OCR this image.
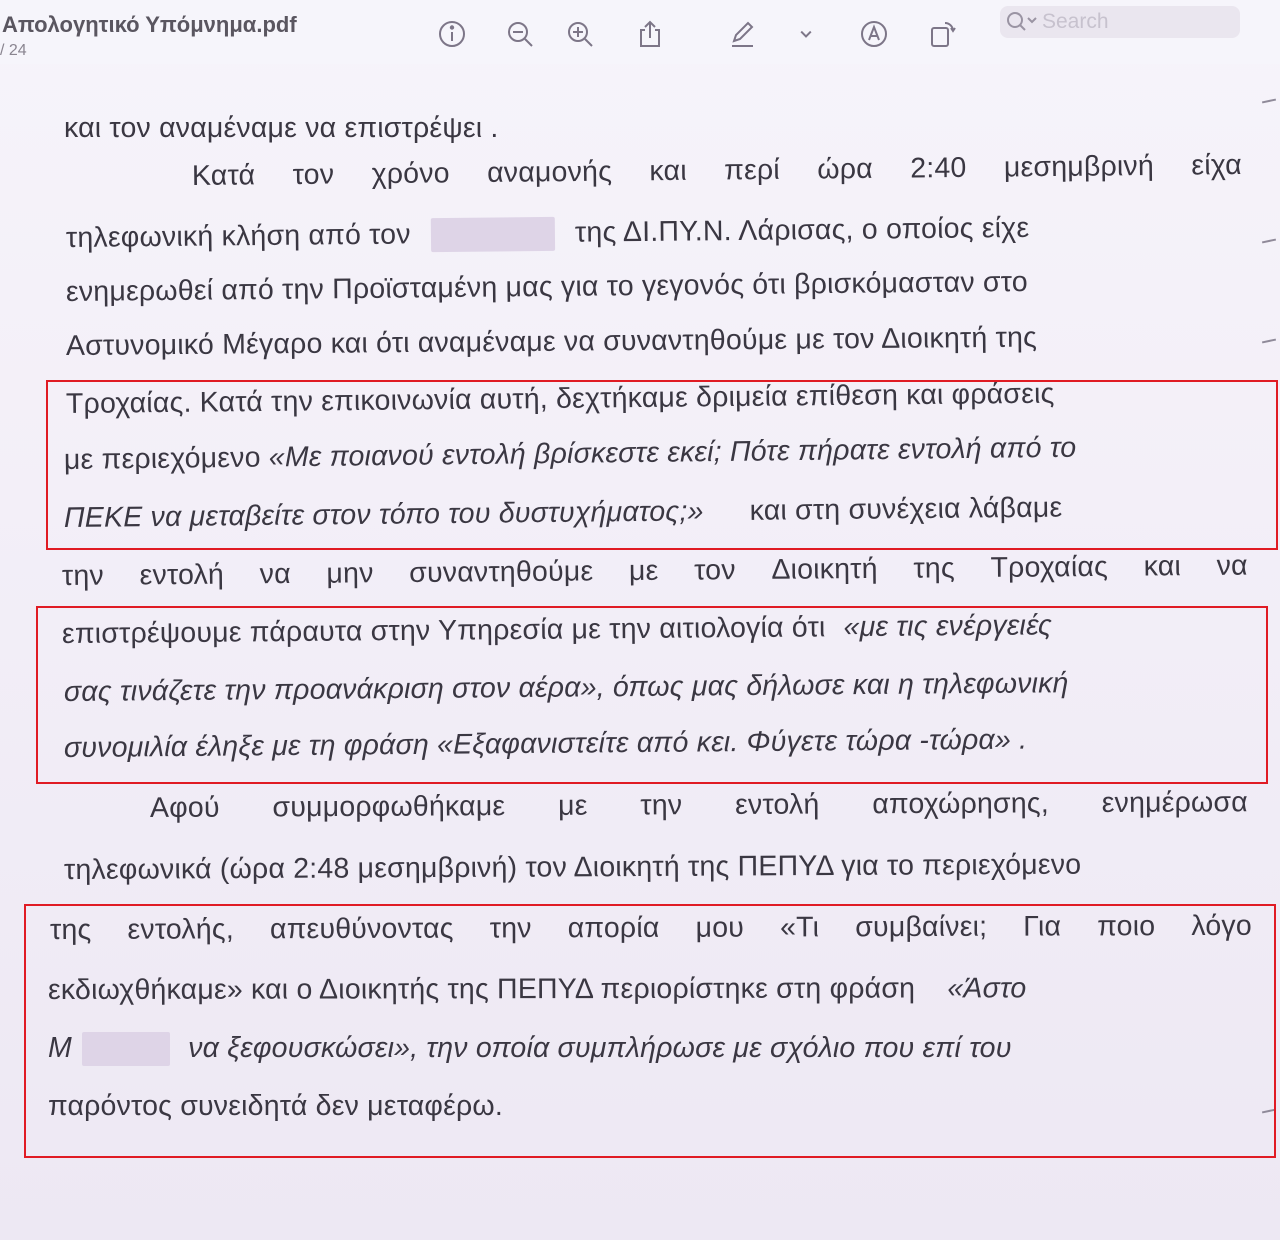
Απολογητικό Υπόμνημα.pdf
/ 24
Search
και τον αναμέναμε να επιστρέψει .
Κατά τον χρόνο αναμονής και περί ώρα 2:40 μεσημβρινή είχα
τηλεφωνική κλήση από τον	της ΔΙ.ΠΥ.Ν. Λάρισας, ο οποίος είχε
ενημερωθεί από την Προϊσταμένη μας για το γεγονός ότι βρισκόμασταν στο
Αστυνομικό Μέγαρο και ότι αναμέναμε να συναντηθούμε με τον Διοικητή της
Τροχαίας. Κατά την επικοινωνία αυτή, δεχτήκαμε δριμεία επίθεση και φράσεις
με περιεχόμενο «Με ποιανού εντολή βρίσκεστε εκεί; Πότε πήρατε εντολή από το
ΠΕΚΕ να μεταβείτε στον τόπο του δυστυχήματος;» και στη συνέχεια λάβαμε
την εντολή να μην συναντηθούμε με τον Διοικητή της Τροχαίας και να
επιστρέψουμε πάραυτα στην Υπηρεσία με την αιτιολογία ότι «με τις ενέργειές
σας τινάζετε την προανάκριση στον αέρα», όπως μας δήλωσε και η τηλεφωνική
συνομιλία έληξε με τη φράση «Εξαφανιστείτε από κει. Φύγετε τώρα -τώρα» .
Αφού συμμορφωθήκαμε με την εντολή αποχώρησης, ενημέρωσα
τηλεφωνικά (ώρα 2:48 μεσημβρινή) τον Διοικητή της ΠΕΠΥΔ για το περιεχόμενο
της εντολής, απευθύνοντας την απορία μου «Τι συμβαίνει; Για ποιο λόγο
εκδιωχθήκαμε» και ο Διοικητής της ΠΕΠΥΔ περιορίστηκε στη φράση «Άστο
Μ	να ξεφουσκώσει», την οποία συμπλήρωσε με σχόλιο που επί του
παρόντος συνειδητά δεν μεταφέρω.
